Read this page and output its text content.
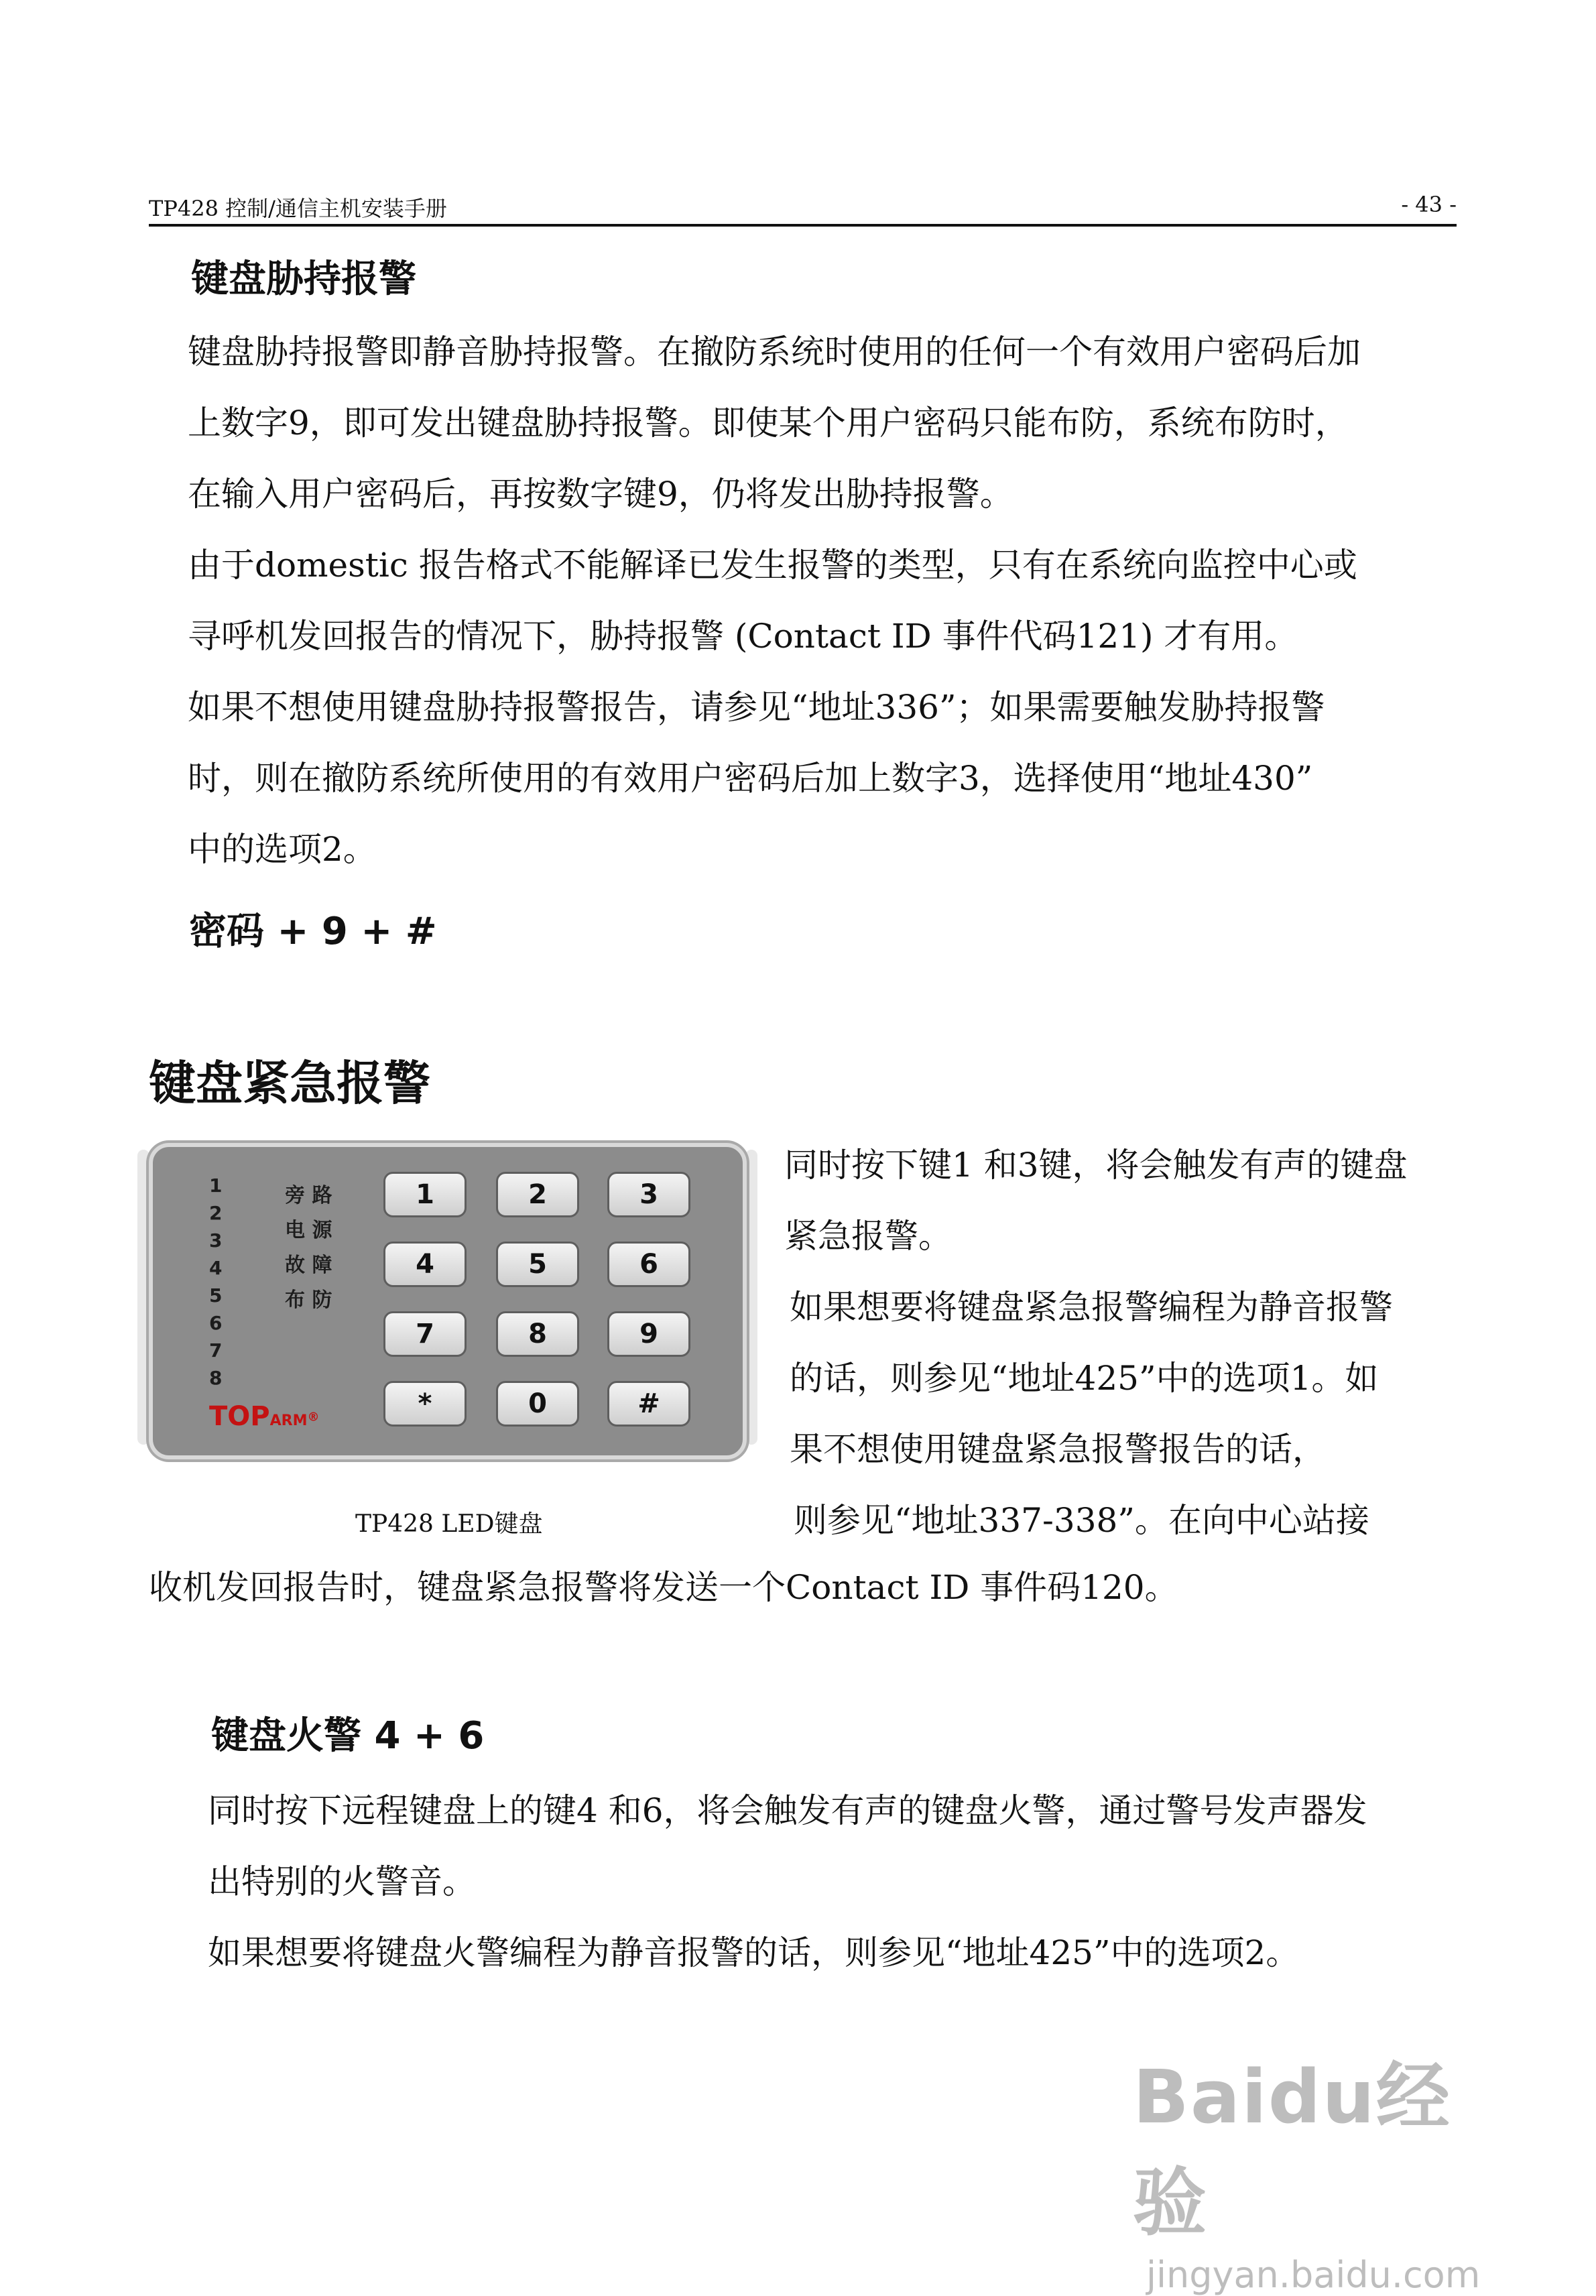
TP428 控制/通信主机安装手册	- 43 -
键盘胁持报警
键盘胁持报警即静音胁持报警。在撤防系统时使用的任何一个有效用户密码后加
上数字9，即可发出键盘胁持报警。即使某个用户密码只能布防，系统布防时，
在输入用户密码后，再按数字键9，仍将发出胁持报警。
由于domestic 报告格式不能解译已发生报警的类型，只有在系统向监控中心或
寻呼机发回报告的情况下，胁持报警 (Contact ID 事件代码121) 才有用。
如果不想使用键盘胁持报警报告，请参见“地址336”；如果需要触发胁持报警
时，则在撤防系统所使用的有效用户密码后加上数字3，选择使用“地址430”
中的选项2。
密码 + 9 + #
键盘紧急报警
同时按下键1 和3键，将会触发有声的键盘
紧急报警。
如果想要将键盘紧急报警编程为静音报警
的话，则参见“地址425”中的选项1。如
果不想使用键盘紧急报警报告的话，
则参见“地址337-338”。在向中心站接
收机发回报告时，键盘紧急报警将发送一个Contact ID 事件码120。
1
2
3
4
5
6
7
8
旁 路
电 源
故 障
布 防
1	2	3
4	5	6
7	8	9
*	0	#
TOPARM®
TP428 LED键盘
键盘火警 4 + 6
同时按下远程键盘上的键4 和6，将会触发有声的键盘火警，通过警号发声器发
出特别的火警音。
如果想要将键盘火警编程为静音报警的话，则参见“地址425”中的选项2。
Baidu经验
jingyan.baidu.com
